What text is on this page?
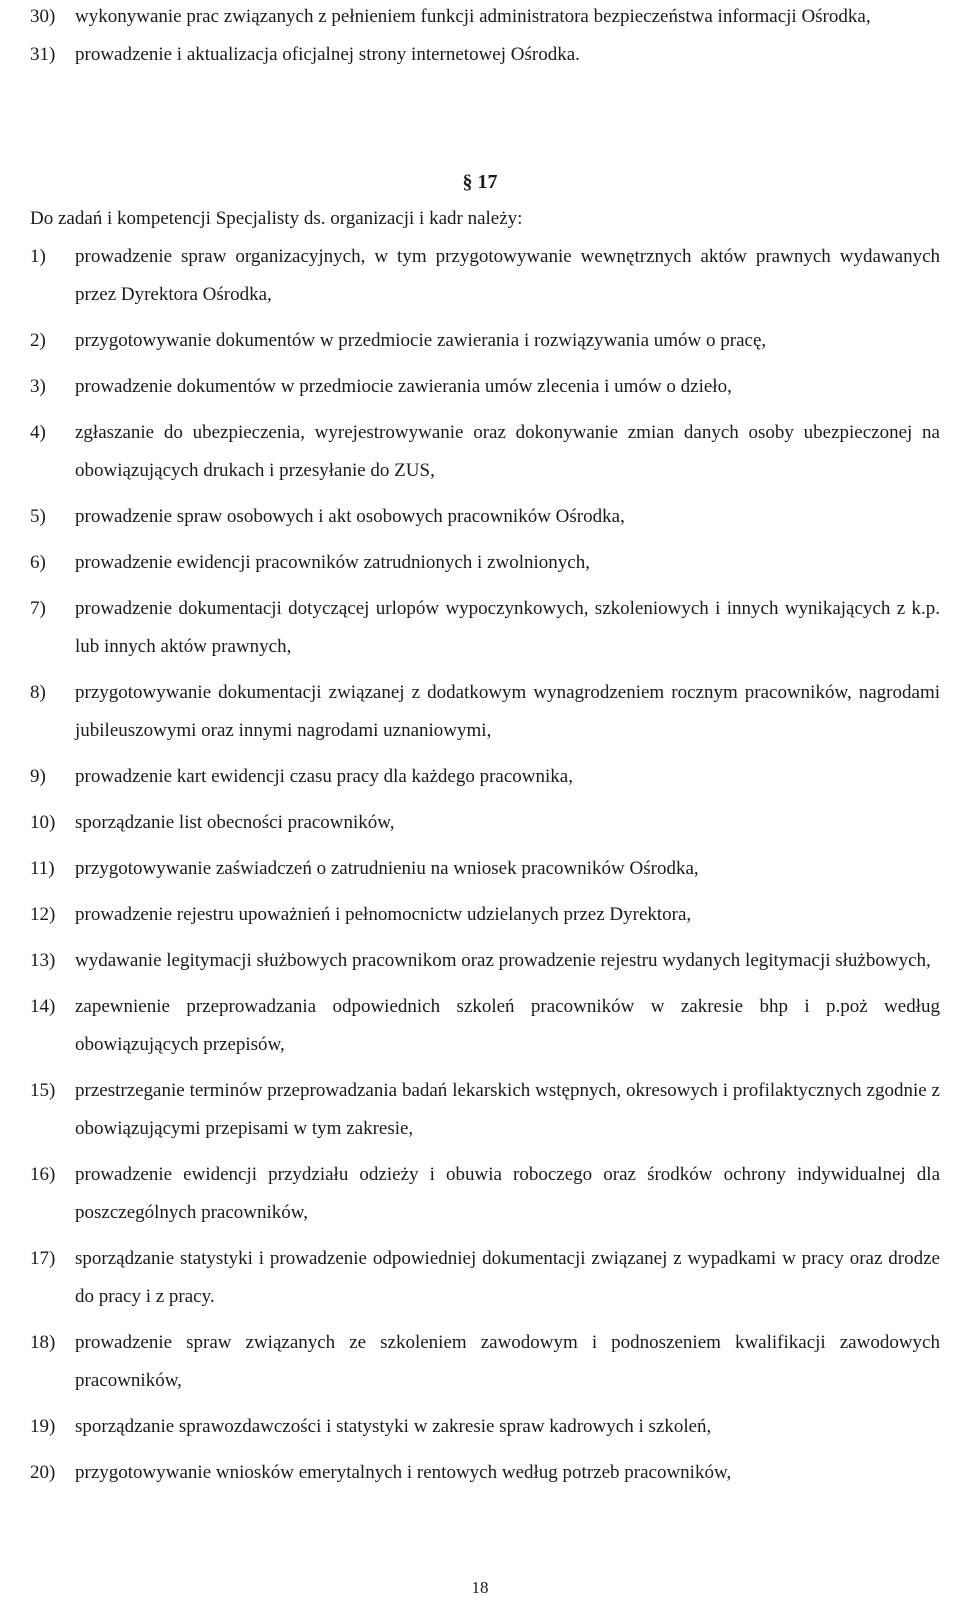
30)	wykonywanie prac związanych z pełnieniem funkcji administratora bezpieczeństwa informacji Ośrodka,
31)	prowadzenie i aktualizacja oficjalnej strony internetowej Ośrodka.
§ 17
Do zadań i kompetencji Specjalisty ds. organizacji i kadr należy:
1)	prowadzenie spraw organizacyjnych, w tym przygotowywanie wewnętrznych aktów prawnych wydawanych przez Dyrektora Ośrodka,
2)	przygotowywanie dokumentów w przedmiocie zawierania i rozwiązywania umów o pracę,
3)	prowadzenie dokumentów w przedmiocie zawierania umów zlecenia i umów o dzieło,
4)	zgłaszanie do ubezpieczenia, wyrejestrowywanie oraz dokonywanie zmian danych osoby ubezpieczonej na obowiązujących drukach i przesyłanie do ZUS,
5)	prowadzenie spraw osobowych i akt osobowych pracowników Ośrodka,
6)	prowadzenie ewidencji pracowników zatrudnionych i zwolnionych,
7)	prowadzenie dokumentacji dotyczącej urlopów wypoczynkowych, szkoleniowych i innych wynikających z k.p. lub innych aktów prawnych,
8)	przygotowywanie dokumentacji związanej z dodatkowym wynagrodzeniem rocznym pracowników, nagrodami jubileuszowymi oraz innymi nagrodami uznaniowymi,
9)	prowadzenie kart ewidencji czasu pracy dla każdego pracownika,
10)	sporządzanie list obecności pracowników,
11)	przygotowywanie zaświadczeń o zatrudnieniu na wniosek pracowników Ośrodka,
12)	prowadzenie rejestru upoważnień i pełnomocnictw udzielanych przez Dyrektora,
13)	wydawanie legitymacji służbowych pracownikom oraz prowadzenie rejestru wydanych legitymacji służbowych,
14)	zapewnienie przeprowadzania odpowiednich szkoleń pracowników w zakresie bhp i p.poż według obowiązujących przepisów,
15)	przestrzeganie terminów przeprowadzania badań lekarskich wstępnych, okresowych i profilaktycznych zgodnie z obowiązującymi przepisami w tym zakresie,
16)	prowadzenie ewidencji przydziału odzieży i obuwia roboczego oraz środków ochrony indywidualnej dla poszczególnych pracowników,
17)	sporządzanie statystyki i prowadzenie odpowiedniej dokumentacji związanej z wypadkami w pracy oraz drodze do pracy i z pracy.
18)	prowadzenie spraw związanych ze szkoleniem zawodowym i podnoszeniem kwalifikacji zawodowych pracowników,
19)	sporządzanie sprawozdawczości i statystyki w zakresie spraw kadrowych i szkoleń,
20)	przygotowywanie wniosków emerytalnych i rentowych według potrzeb pracowników,
18
